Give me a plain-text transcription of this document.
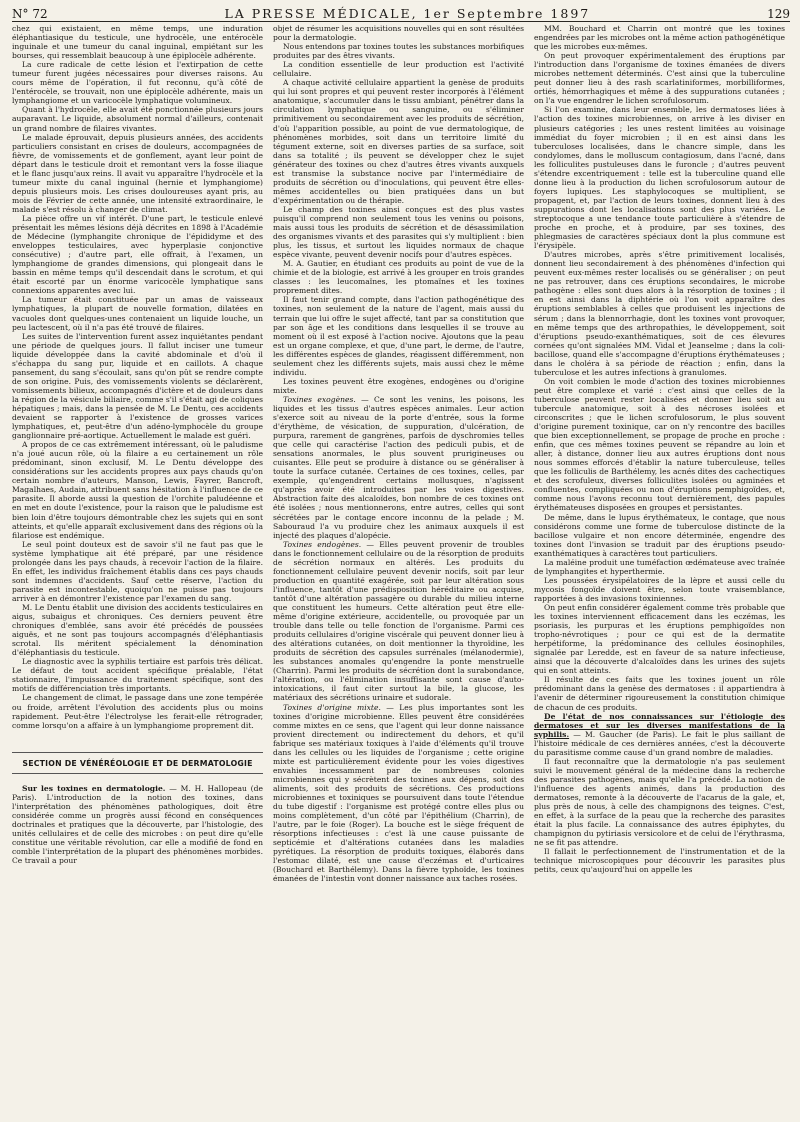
N° 72	LA PRESSE MÉDICALE, 1er Septembre 1897	129

chez qui existaient, en même temps, une induration éléphantiasique du testicule, une hydrocèle, une entérocèle inguinale et une tumeur du canal inguinal, empiétant sur les bourses, qui ressemblait beaucoup à une épiplocèle adhérente.

La cure radicale de cette lésion et l'extirpation de cette tumeur furent jugées nécessaires pour diverses raisons. Au cours même de l'opération, il fut reconnu, qu'à côté de l'entérocèle, se trouvait, non une épiplocèle adhérente, mais un lymphangiome et un varicocèle lymphatique volumineux.

Quant à l'hydrocèle, elle avait été ponctionnée plusieurs jours auparavant. Le liquide, absolument normal d'ailleurs, contenait un grand nombre de filaires vivantes.

Le malade éprouvait, depuis plusieurs années, des accidents particuliers consistant en crises de douleurs, accompagnées de fièvre, de vomissements et de gonflement, ayant leur point de départ dans le testicule droit et remontant vers la fosse iliaque et le flanc jusqu'aux reins. Il avait vu apparaître l'hydrocèle et la tumeur mixte du canal inguinal (hernie et lymphangiome) depuis plusieurs mois. Les crises douloureuses ayant pris, au mois de Février de cette année, une intensité extraordinaire, le malade s'est résolu à changer de climat.

La pièce offre un vif intérêt. D'une part, le testicule enlevé présentait les mêmes lésions déjà décrites en 1898 à l'Académie de Médecine (lymphangite chronique de l'épididyme et des enveloppes testiculaires, avec hyperplasie conjonctive consécutive) ; d'autre part, elle offrait, à l'examen, un lymphangiome de grandes dimensions, qui plongeait dans le bassin en même temps qu'il descendait dans le scrotum, et qui était escorté par un énorme varicocèle lymphatique sans connexions apparentes avec lui.

La tumeur était constituée par un amas de vaisseaux lymphatiques, la plupart de nouvelle formation, dilatées en vacuoles dont quelques-unes contenaient un liquide louche, un peu lactescent, où il n'a pas été trouvé de filaires.

Les suites de l'intervention furent assez inquiétantes pendant une période de quelques jours. Il fallut inciser une tumeur liquide développée dans la cavité abdominale et d'où il s'échappa du sang pur, liquide et en caillots. A chaque pansement, du sang s'écoulait, sans qu'on pût se rendre compte de son origine. Puis, des vomissements violents se déclarèrent, vomissements bilieux, accompagnés d'ictère et de douleurs dans la région de la vésicule biliaire, comme s'il s'était agi de coliques hépatiques ; mais, dans la pensée de M. Le Dentu, ces accidents devaient se rapporter à l'existence de grosses varices lymphatiques, et, peut-être d'un adéno-lymphocèle du groupe ganglionnaire pré-aortique. Actuellement le malade est guéri.

A propos de ce cas extrêmement intéressant, où le paludisme n'a joué aucun rôle, où la filaire a eu certainement un rôle prédominant, sinon exclusif, M. Le Dentu développe des considérations sur les accidents propres aux pays chauds qu'on certain nombre d'auteurs, Manson, Lewis, Fayrer, Bancroft, Magalhaes, Audain, attribuent sans hésitation à l'influence de ce parasite. Il aborde aussi la question de l'orchite paludéenne et en met en doute l'existence, pour la raison que le paludisme est bien loin d'être toujours démontrable chez les sujets qui en sont atteints, et qu'elle apparaît exclusivement dans des régions où la filariose est endémique.

Le seul point douteux est de savoir s'il ne faut pas que le système lymphatique ait été préparé, par une résidence prolongée dans les pays chauds, à recevoir l'action de la filaire. En effet, les individus fraîchement établis dans ces pays chauds sont indemnes d'accidents. Sauf cette réserve, l'action du parasite est incontestable, quoiqu'on ne puisse pas toujours arriver à en démontrer l'existence par l'examen du sang.

M. Le Dentu établit une division des accidents testiculaires en aigus, subaigus et chroniques. Ces derniers peuvent être chroniques d'emblée, sans avoir été précédés de poussées aiguës, et ne sont pas toujours accompagnés d'éléphantiasis scrotal. Ils méritent spécialement la dénomination d'éléphantiasis du testicule.

Le diagnostic avec la syphilis tertiaire est parfois très délicat. Le défaut de tout accident spécifique préalable, l'état stationnaire, l'impuissance du traitement spécifique, sont des motifs de différenciation très importants.

Le changement de climat, le passage dans une zone tempérée ou froide, arrêtent l'évolution des accidents plus ou moins rapidement. Peut-être l'électrolyse les ferait-elle rétrograder, comme lorsqu'on a affaire à un lymphangiome proprement dit.

SECTION DE VÉNÉRÉOLOGIE ET DE DERMATOLOGIE

Sur les toxines en dermatologie. — M. H. Hallopeau (de Paris). L'introduction de la notion des toxines, dans l'interprétation des phénomènes pathologiques, doit être considérée comme un progrès aussi fécond en conséquences doctrinales et pratiques que la découverte, par l'histologie, des unités cellulaires et de celle des microbes : on peut dire qu'elle constitue une véritable révolution, car elle a modifié de fond en comble l'interprétation de la plupart des phénomènes morbides. Ce travail a pour

objet de résumer les acquisitions nouvelles qui en sont résultées pour la dermatologie.

Nous entendons par toxines toutes les substances morbifiques produites par des êtres vivants.

La condition essentielle de leur production est l'activité cellulaire.

A chaque activité cellulaire appartient la genèse de produits qui lui sont propres et qui peuvent rester incorporés à l'élément anatomique, s'accumuler dans le tissu ambiant, pénétrer dans la circulation lymphatique ou sanguine, ou s'éliminer primitivement ou secondairement avec les produits de sécrétion, d'où l'apparition possible, au point de vue dermatologique, de phénomènes morbides, soit dans un territoire limité du tégument externe, soit en diverses parties de sa surface, soit dans sa totalité ; ils peuvent se développer chez le sujet générateur des toxines ou chez d'autres êtres vivants auxquels est transmise la substance nocive par l'intermédiaire de produits de sécrétion ou d'inoculations, qui peuvent être elles-mêmes accidentelles ou bien pratiquées dans un but d'expérimentation ou de thérapie.

Le champ des toxines ainsi conçues est des plus vastes puisqu'il comprend non seulement tous les venins ou poisons, mais aussi tous les produits de sécrétion et de désassimilation des organismes vivants et des parasites qui s'y multiplient : bien plus, les tissus, et surtout les liquides normaux de chaque espèce vivante, peuvent devenir nocifs pour d'autres espèces.

M. A. Gautier, en étudiant ces produits au point de vue de la chimie et de la biologie, est arrivé à les grouper en trois grandes classes : les leucomaïnes, les ptomaïnes et les toxines proprement dites.

Il faut tenir grand compte, dans l'action pathogénétique des toxines, non seulement de la nature de l'agent, mais aussi du terrain que lui offre le sujet affecté, tant par sa constitution que par son âge et les conditions dans lesquelles il se trouve au moment où il est exposé à l'action nocive. Ajoutons que la peau est un organe complexe, et que, d'une part, le derme, de l'autre, les différentes espèces de glandes, réagissent différemment, non seulement chez les différents sujets, mais aussi chez le même individu.

Les toxines peuvent être exogènes, endogènes ou d'origine mixte.

Toxines exogènes. — Ce sont les venins, les poisons, les liquides et les tissus d'autres espèces animales. Leur action s'exerce soit au niveau de la porte d'entrée, sous la forme d'érythème, de vésication, de suppuration, d'ulcération, de purpura, rarement de gangrènes, parfois de dyschromies telles que celle qui caractérise l'action des pediculi pubis, et de sensations anormales, le plus souvent prurigineuses ou cuisantes. Elle peut se produire à distance ou se généraliser à toute la surface cutanée. Certaines de ces toxines, celles, par exemple, qu'engendrent certains mollusques, n'agissent qu'après avoir été introduites par les voies digestives. Abstraction faite des alcaloïdes, bon nombre de ces toxines ont été isolées ; nous mentionnerons, entre autres, celles qui sont sécrétées par le contage encore inconnu de la pelade ; M. Sabouraud l'a vu produire chez les animaux auxquels il est injecté des plaques d'alopécie.

Toxines endogènes. — Elles peuvent provenir de troubles dans le fonctionnement cellulaire ou de la résorption de produits de sécrétion normaux en altérés. Les produits du fonctionnement cellulaire peuvent devenir nocifs, soit par leur production en quantité exagérée, soit par leur altération sous l'influence, tantôt d'une prédisposition héréditaire ou acquise, tantôt d'une altération passagère ou durable du milieu interne que constituent les humeurs. Cette altération peut être elle-même d'origine extérieure, accidentelle, ou provoquée par un trouble dans telle ou telle fonction de l'organisme. Parmi ces produits cellulaires d'origine viscérale qui peuvent donner lieu à des altérations cutanées, on doit mentionner la thyroïdine, les produits de sécrétion des capsules surrénales (mélanodermie), les substances anomales qu'engendre la ponte menstruelle (Charrin). Parmi les produits de sécrétion dont la surabondance, l'altération, ou l'élimination insuffisante sont cause d'auto-intoxications, il faut citer surtout la bile, la glucose, les matériaux des sécrétions urinaire et sudorale.

Toxines d'origine mixte. — Les plus importantes sont les toxines d'origine microbienne. Elles peuvent être considérées comme mixtes en ce sens, que l'agent qui leur donne naissance provient directement ou indirectement du dehors, et qu'il fabrique ses matériaux toxiques à l'aide d'éléments qu'il trouve dans les cellules ou les liquides de l'organisme ; cette origine mixte est particulièrement évidente pour les voies digestives envahies incessamment par de nombreuses colonies microbiennes qui y sécrètent des toxines aux dépens, soit des aliments, soit des produits de sécrétions. Ces productions microbiennes et toxiniques se poursuivent dans toute l'étendue du tube digestif : l'organisme est protégé contre elles plus ou moins complètement, d'un côté par l'épithélium (Charrin), de l'autre, par le foie (Roger). La bouche est le siège fréquent de résorptions infectieuses : c'est là une cause puissante de septicémie et d'altérations cutanées dans les maladies pyrétiques. La résorption de produits toxiques, élaborés dans l'estomac dilaté, est une cause d'eczémas et d'urticaires (Bouchard et Barthélemy). Dans la fièvre typhoïde, les toxines émanées de l'intestin vont donner naissance aux taches rosées.

MM. Bouchard et Charrin ont montré que les toxines engendrées par les microbes ont la même action pathogénétique que les microbes eux-mêmes.

On peut provoquer expérimentalement des éruptions par l'introduction dans l'organisme de toxines émanées de divers microbes nettement déterminés. C'est ainsi que la tuberculine peut donner lieu à des rash scarlatiniformes, morbilliformes, ortiés, hémorrhagiques et même à des suppurations cutanées ; on l'a vue engendrer le lichen scrofulosorum.

Si l'on examine, dans leur ensemble, les dermatoses liées à l'action des toxines microbiennes, on arrive à les diviser en plusieurs catégories ; les unes restent limitées au voisinage immédiat du foyer microbien ; il en est ainsi dans les tuberculoses localisées, dans le chancre simple, dans les condylomes, dans le molluscum contagiosum, dans l'acné, dans les folliculites pustuleuses dans le furoncle ; d'autres peuvent s'étendre excentriquement : telle est la tuberculine quand elle donne lieu à la production du lichen scrofulosorum autour de foyers lupiques. Les staphylocoques se multiplient, se propagent, et, par l'action de leurs toxines, donnent lieu à des suppurations dont les localisations sont des plus variées. Le streptocoque a une tendance toute particulière à s'étendre de proche en proche, et à produire, par ses toxines, des phlegmasies de caractères spéciaux dont la plus commune est l'érysipèle.

D'autres microbes, après s'être primitivement localisés, donnent lieu secondairement à des phénomènes d'infection qui peuvent eux-mêmes rester localisés ou se généraliser ; on peut ne pas retrouver, dans ces éruptions secondaires, le microbe pathogène : elles sont dues alors à la résorption de toxines ; il en est ainsi dans la diphtérie où l'on voit apparaître des éruptions semblables à celles que produisent les injections de sérum ; dans la blennorrhagie, dont les toxines vont provoquer, en même temps que des arthropathies, le développement, soit d'éruptions pseudo-exanthématiques, soit de ces élevures cornées qu'ont signalées MM. Vidal et Jeanselme ; dans la coli-bacillose, quand elle s'accompagne d'éruptions érythémateuses ; dans le choléra à sa période de réaction ; enfin, dans la tuberculose et les autres infections à granulomes.

On voit combien le mode d'action des toxines microbiennes peut être complexe et varié : c'est ainsi que celles de la tuberculose peuvent rester localisées et donner lieu soit au tubercule anatomique, soit à des nécroses isolées et circonscrites ; que le lichen scrofulosorum, le plus souvent d'origine purement toxinique, car on n'y rencontre des bacilles que bien exceptionnellement, se propage de proche en proche : enfin, que ces mêmes toxines peuvent se répandre au loin et aller, à distance, donner lieu aux autres éruptions dont nous nous sommes efforcés d'établir la nature tuberculeuse, telles que les folliculis de Barthélemy, les acnés dites des cachectiques et des scrofuleux, diverses folliculites isolées ou agminées et confluentes, compliquées ou non d'éruptions pemphigoïdes, et, comme nous l'avons reconnu tout dernièrement, des papules érythémateuses disposées en groupes et persistantes.

De même, dans le lupus érythémateux, le contage, que nous considérons comme une forme de tuberculose distincte de la bacillose vulgaire et non encore déterminée, engendre des toxines dont l'invasion se traduit par des éruptions pseudo-exanthématiques à caractères tout particuliers.

La maléine produit une tuméfaction œdémateuse avec traînée de lymphangites et hyperthermie.

Les poussées érysipélatoires de la lèpre et aussi celle du mycosis fongoïde doivent être, selon toute vraisemblance, rapportées à des invasions toxiniennes.

On peut enfin considérer également comme très probable que les toxines interviennent efficacement dans les eczémas, les psoriasis, les purpuras et les éruptions pemphigoïdes non tropho-névrotiques ; pour ce qui est de la dermatite herpétiforme, la prédominance des cellules éosinophiles, signalée par Leredde, est en faveur de sa nature infectieuse, ainsi que la découverte d'alcaloïdes dans les urines des sujets qui en sont atteints.

Il résulte de ces faits que les toxines jouent un rôle prédominant dans la genèse des dermatoses : il appartiendra à l'avenir de déterminer rigoureusement la constitution chimique de chacun de ces produits.

De l'état de nos connaissances sur l'étiologie des dermatoses et sur les diverses manifestations de la syphilis. — M. Gaucher (de Paris). Le fait le plus saillant de l'histoire médicale de ces dernières années, c'est la découverte du parasitisme comme cause d'un grand nombre de maladies.

Il faut reconnaître que la dermatologie n'a pas seulement suivi le mouvement général de la médecine dans la recherche des parasites pathogènes, mais qu'elle l'a précédé. La notion de l'influence des agents animés, dans la production des dermatoses, remonte à la découverte de l'acarus de la gale, et, plus près de nous, à celle des champignons des teignes. C'est, en effet, à la surface de la peau que la recherche des parasites était la plus facile. La connaissance des autres épiphytes, du champignon du pytiriasis versicolore et de celui de l'érythrasma, ne se fit pas attendre.

Il fallait le perfectionnement de l'instrumentation et de la technique microscopiques pour découvrir les parasites plus petits, ceux qu'aujourd'hui on appelle les
